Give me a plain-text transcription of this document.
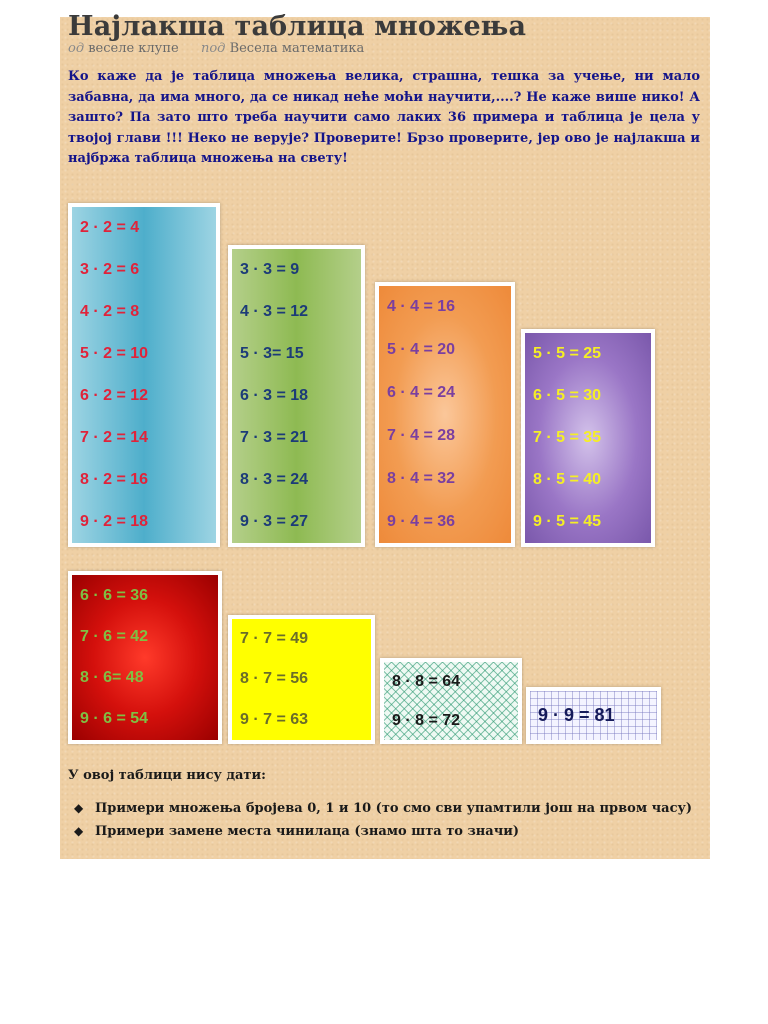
Најлакша таблица множења
од веселе клупе под Весела математика

Ко каже да је таблица множења велика, страшна, тешка за учење, ни мало забавна, да има много, да се никад неће моћи научити,....? Не каже више нико! А зашто? Па зато што треба научити само лаких 36 примера и таблица је цела у твојој глави !!! Неко не верује? Проверите! Брзо проверите, јер ово је најлакша и најбржа таблица множења на свету!

2 · 2 = 4
3 · 2 = 6
4 · 2 = 8
5 · 2 = 10
6 · 2 = 12
7 · 2 = 14
8 · 2 = 16
9 · 2 = 18
3 · 3 = 9
4 · 3 = 12
5 · 3= 15
6 · 3 = 18
7 · 3 = 21
8 · 3 = 24
9 · 3 = 27
4 · 4 = 16
5 · 4 = 20
6 · 4 = 24
7 · 4 = 28
8 · 4 = 32
9 · 4 = 36
5 · 5 = 25
6 · 5 = 30
7 · 5 = 35
8 · 5 = 40
9 · 5 = 45
6 · 6 = 36
7 · 6 = 42
8 · 6= 48
9 · 6 = 54
7 · 7 = 49
8 · 7 = 56
9 · 7 = 63
8 · 8 = 64
9 · 8 = 72	9 · 9 = 81

У овој таблици нису дати:

◆ Примери множења бројева 0, 1 и 10 (то смо сви упамтили још на првом часу)
◆ Примери замене места чинилаца (знамо шта то значи)
